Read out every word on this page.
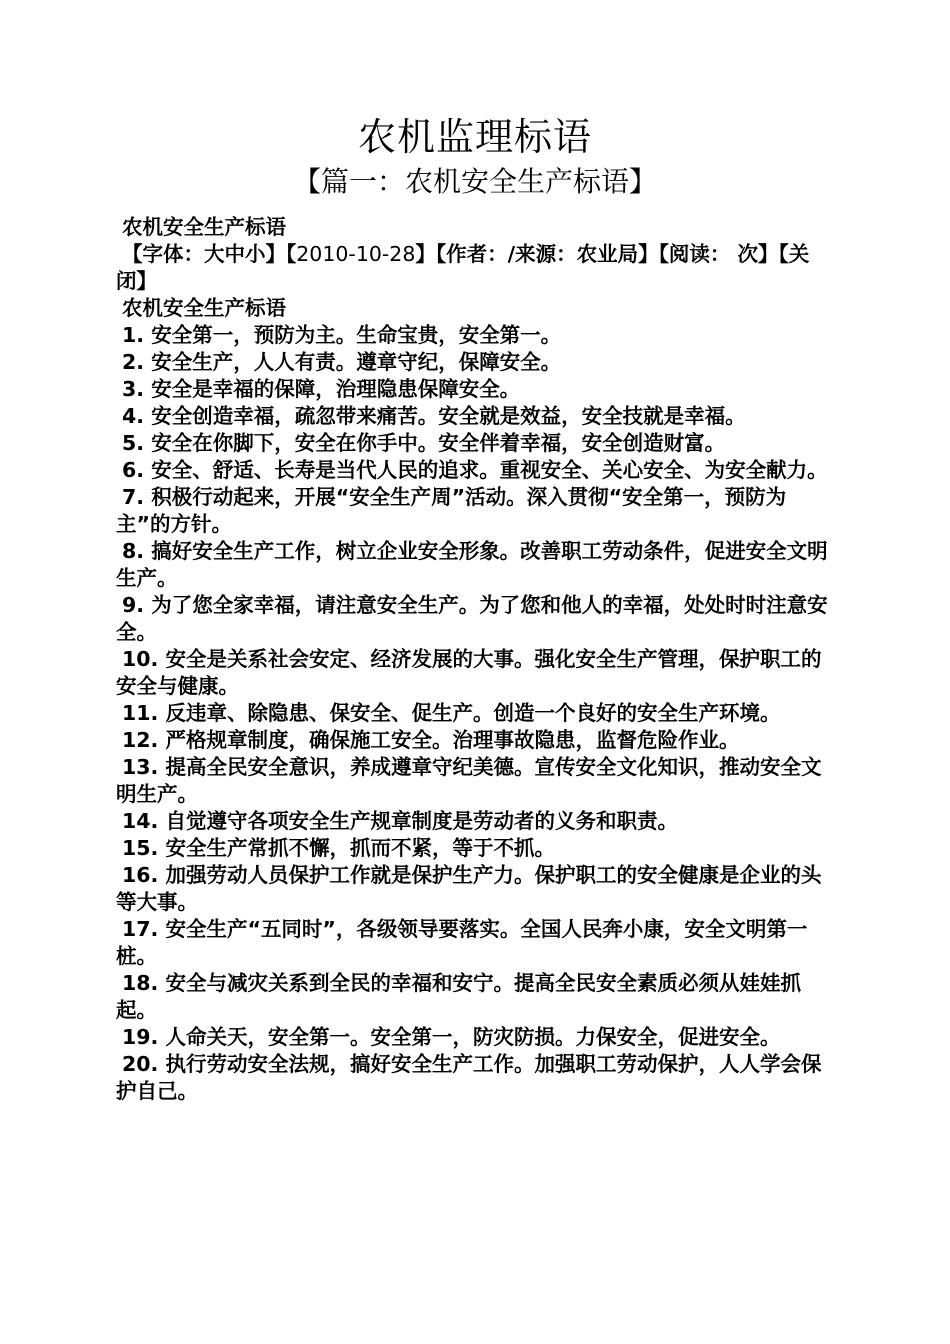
农机监理标语
【篇一：农机安全生产标语】

农机安全生产标语

【字体：大中小】【2010-10-28】【作者：/来源：农业局】【阅读： 次】【关闭】

农机安全生产标语

1. 安全第一，预防为主。生命宝贵，安全第一。

2. 安全生产，人人有责。遵章守纪，保障安全。

3. 安全是幸福的保障，治理隐患保障安全。

4. 安全创造幸福，疏忽带来痛苦。安全就是效益，安全技就是幸福。

5. 安全在你脚下，安全在你手中。安全伴着幸福，安全创造财富。

6. 安全、舒适、长寿是当代人民的追求。重视安全、关心安全、为安全献力。

7. 积极行动起来，开展“安全生产周”活动。深入贯彻“安全第一，预防为主”的方针。

8. 搞好安全生产工作，树立企业安全形象。改善职工劳动条件，促进安全文明生产。

9. 为了您全家幸福，请注意安全生产。为了您和他人的幸福，处处时时注意安全。

10. 安全是关系社会安定、经济发展的大事。强化安全生产管理，保护职工的安全与健康。

11. 反违章、除隐患、保安全、促生产。创造一个良好的安全生产环境。

12. 严格规章制度，确保施工安全。治理事故隐患，监督危险作业。

13. 提高全民安全意识，养成遵章守纪美德。宣传安全文化知识，推动安全文明生产。

14. 自觉遵守各项安全生产规章制度是劳动者的义务和职责。

15. 安全生产常抓不懈，抓而不紧，等于不抓。

16. 加强劳动人员保护工作就是保护生产力。保护职工的安全健康是企业的头等大事。

17. 安全生产“五同时”，各级领导要落实。全国人民奔小康，安全文明第一桩。

18. 安全与减灾关系到全民的幸福和安宁。提高全民安全素质必须从娃娃抓起。

19. 人命关天，安全第一。安全第一，防灾防损。力保安全，促进安全。

20. 执行劳动安全法规，搞好安全生产工作。加强职工劳动保护，人人学会保护自己。
